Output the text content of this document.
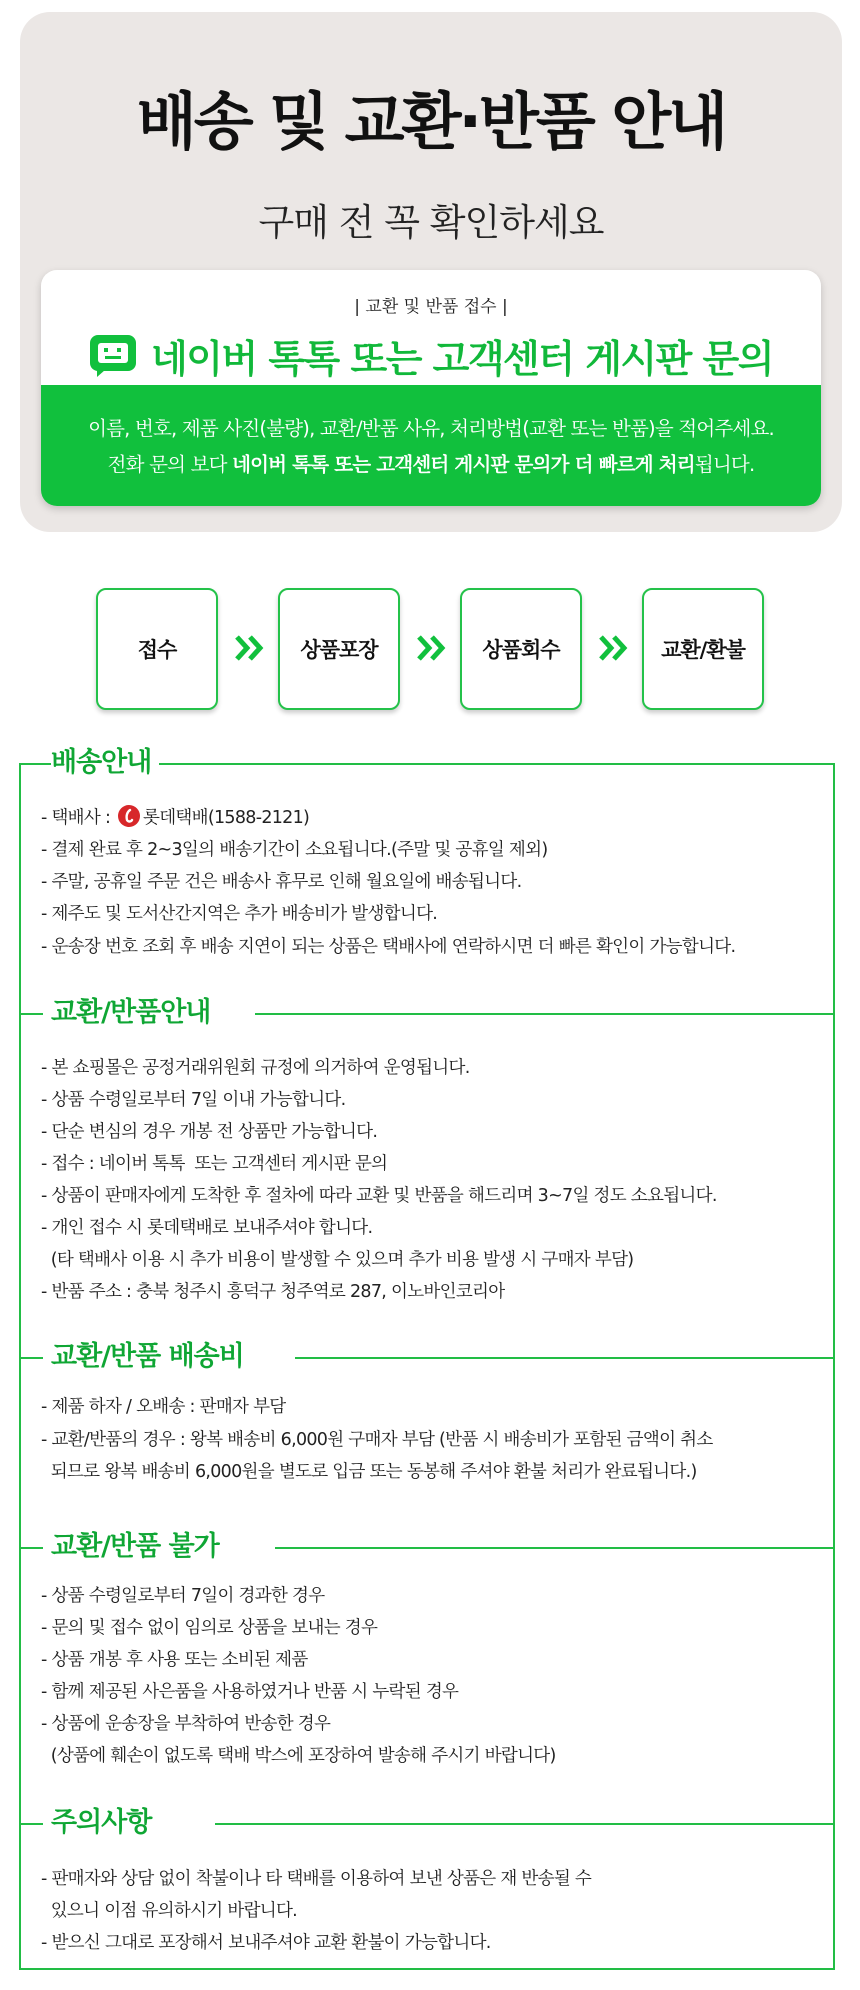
배송 및 교환·반품 안내
구매 전 꼭 확인하세요
| 교환 및 반품 접수 |
네이버 톡톡 또는 고객센터 게시판 문의
이름, 번호, 제품 사진(불량), 교환/반품 사유, 처리방법(교환 또는 반품)을 적어주세요.
전화 문의 보다 네이버 톡톡 또는 고객센터 게시판 문의가 더 빠르게 처리됩니다.
접수	상품포장	상품회수	교환/환불
배송안내
- 택배사 : 롯데택배(1588-2121)
- 결제 완료 후 2~3일의 배송기간이 소요됩니다.(주말 및 공휴일 제외)
- 주말, 공휴일 주문 건은 배송사 휴무로 인해 월요일에 배송됩니다.
- 제주도 및 도서산간지역은 추가 배송비가 발생합니다.
- 운송장 번호 조회 후 배송 지연이 되는 상품은 택배사에 연락하시면 더 빠른 확인이 가능합니다.
교환/반품안내
- 본 쇼핑몰은 공정거래위원회 규정에 의거하여 운영됩니다.
- 상품 수령일로부터 7일 이내 가능합니다.
- 단순 변심의 경우 개봉 전 상품만 가능합니다.
- 접수 : 네이버 톡톡  또는 고객센터 게시판 문의
- 상품이 판매자에게 도착한 후 절차에 따라 교환 및 반품을 해드리며 3~7일 정도 소요됩니다.
- 개인 접수 시 롯데택배로 보내주셔야 합니다.
(타 택배사 이용 시 추가 비용이 발생할 수 있으며 추가 비용 발생 시 구매자 부담)
- 반품 주소 : 충북 청주시 흥덕구 청주역로 287, 이노바인코리아
교환/반품 배송비
- 제품 하자 / 오배송 : 판매자 부담
- 교환/반품의 경우 : 왕복 배송비 6,000원 구매자 부담 (반품 시 배송비가 포함된 금액이 취소
되므로 왕복 배송비 6,000원을 별도로 입금 또는 동봉해 주셔야 환불 처리가 완료됩니다.)
교환/반품 불가
- 상품 수령일로부터 7일이 경과한 경우
- 문의 및 접수 없이 임의로 상품을 보내는 경우
- 상품 개봉 후 사용 또는 소비된 제품
- 함께 제공된 사은품을 사용하였거나 반품 시 누락된 경우
- 상품에 운송장을 부착하여 반송한 경우
(상품에 훼손이 없도록 택배 박스에 포장하여 발송해 주시기 바랍니다)
주의사항
- 판매자와 상담 없이 착불이나 타 택배를 이용하여 보낸 상품은 재 반송될 수
있으니 이점 유의하시기 바랍니다.
- 받으신 그대로 포장해서 보내주셔야 교환 환불이 가능합니다.
